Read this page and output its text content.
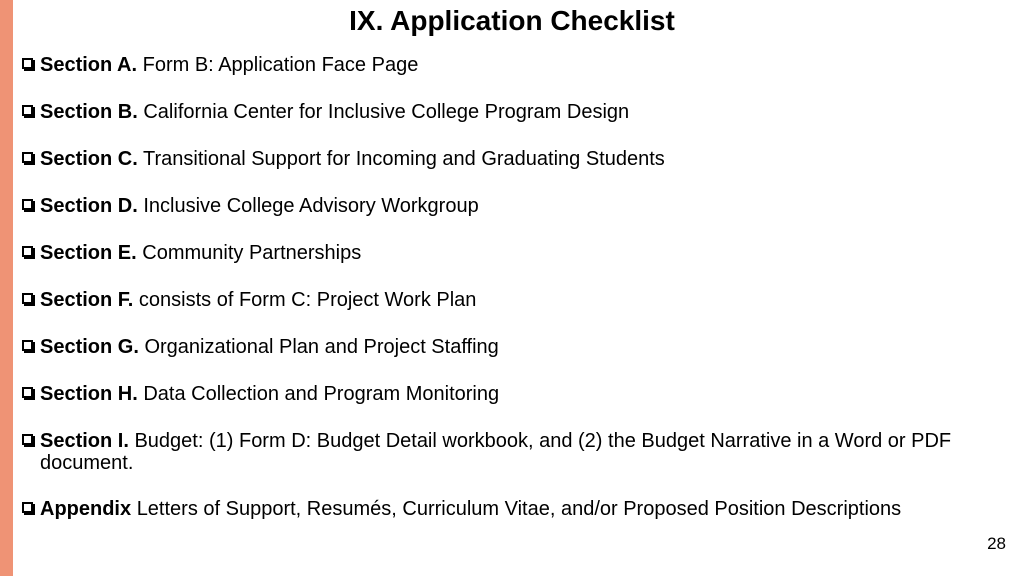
IX. Application Checklist
Section A. Form B: Application Face Page
Section B. California Center for Inclusive College Program Design
Section C. Transitional Support for Incoming and Graduating Students
Section D. Inclusive College Advisory Workgroup
Section E. Community Partnerships
Section F. consists of Form C: Project Work Plan
Section G. Organizational Plan and Project Staffing
Section H. Data Collection and Program Monitoring
Section I. Budget: (1) Form D: Budget Detail workbook, and (2) the Budget Narrative in a Word or PDF document.
Appendix Letters of Support, Resumés, Curriculum Vitae, and/or Proposed Position Descriptions
28
